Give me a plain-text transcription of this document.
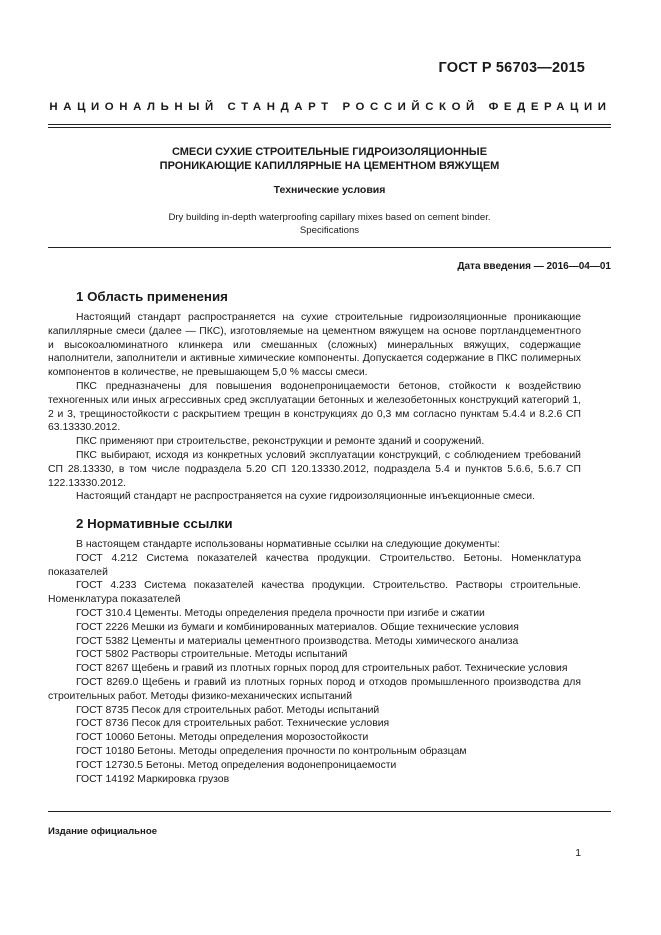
ГОСТ Р 56703—2015
НАЦИОНАЛЬНЫЙ СТАНДАРТ РОССИЙСКОЙ ФЕДЕРАЦИИ
СМЕСИ СУХИЕ СТРОИТЕЛЬНЫЕ ГИДРОИЗОЛЯЦИОННЫЕ
ПРОНИКАЮЩИЕ КАПИЛЛЯРНЫЕ НА ЦЕМЕНТНОМ ВЯЖУЩЕМ
Технические условия
Dry building in-depth waterproofing capillary mixes based on cement binder.
Specifications
Дата введения — 2016—04—01
1 Область применения

Настоящий стандарт распространяется на сухие строительные гидроизоляционные проникающие капиллярные смеси (далее — ПКС), изготовляемые на цементном вяжущем на основе портландцементного и высокоалюминатного клинкера или смешанных (сложных) минеральных вяжущих, содержащие наполнители, заполнители и активные химические компоненты. Допускается содержание в ПКС полимерных компонентов в количестве, не превышающем 5,0 % массы смеси.

ПКС предназначены для повышения водонепроницаемости бетонов, стойкости к воздействию техногенных или иных агрессивных сред эксплуатации бетонных и железобетонных конструкций категорий 1, 2 и 3, трещиностойкости с раскрытием трещин в конструкциях до 0,3 мм согласно пунктам 5.4.4 и 8.2.6 СП 63.13330.2012.

ПКС применяют при строительстве, реконструкции и ремонте зданий и сооружений.

ПКС выбирают, исходя из конкретных условий эксплуатации конструкций, с соблюдением требований СП 28.13330, в том числе подраздела 5.20 СП 120.13330.2012, подраздела 5.4 и пунктов 5.6.6, 5.6.7 СП 122.13330.2012.

Настоящий стандарт не распространяется на сухие гидроизоляционные инъекционные смеси.

2 Нормативные ссылки

В настоящем стандарте использованы нормативные ссылки на следующие документы:

ГОСТ 4.212 Система показателей качества продукции. Строительство. Бетоны. Номенклатура показателей

ГОСТ 4.233 Система показателей качества продукции. Строительство. Растворы строительные. Номенклатура показателей

ГОСТ 310.4 Цементы. Методы определения предела прочности при изгибе и сжатии

ГОСТ 2226 Мешки из бумаги и комбинированных материалов. Общие технические условия

ГОСТ 5382 Цементы и материалы цементного производства. Методы химического анализа

ГОСТ 5802 Растворы строительные. Методы испытаний

ГОСТ 8267 Щебень и гравий из плотных горных пород для строительных работ. Технические условия

ГОСТ 8269.0 Щебень и гравий из плотных горных пород и отходов промышленного производства для строительных работ. Методы физико-механических испытаний

ГОСТ 8735 Песок для строительных работ. Методы испытаний

ГОСТ 8736 Песок для строительных работ. Технические условия

ГОСТ 10060 Бетоны. Методы определения морозостойкости

ГОСТ 10180 Бетоны. Методы определения прочности по контрольным образцам

ГОСТ 12730.5 Бетоны. Метод определения водонепроницаемости

ГОСТ 14192 Маркировка грузов

Издание официальное
1
